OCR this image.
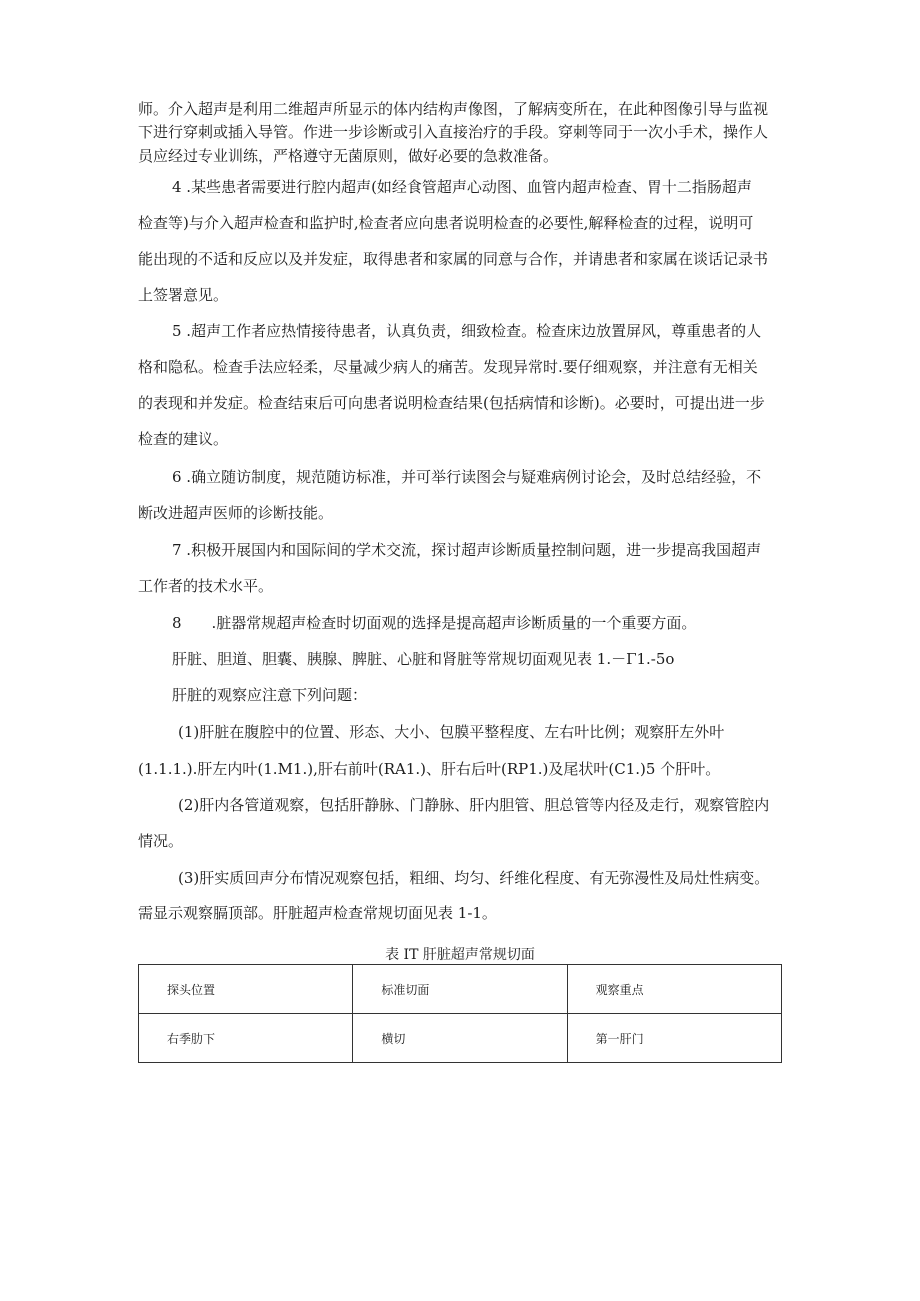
师。介入超声是利用二维超声所显示的体内结构声像图，了解病变所在，在此种图像引导与监视
下进行穿刺或插入导管。作进一步诊断或引入直接治疗的手段。穿刺等同于一次小手术，操作人
员应经过专业训练，严格遵守无菌原则，做好必要的急救准备。
4 .某些患者需要进行腔内超声(如经食管超声心动图、血管内超声检查、胃十二指肠超声
检查等)与介入超声检查和监护时,检查者应向患者说明检查的必要性,解释检查的过程，说明可
能出现的不适和反应以及并发症，取得患者和家属的同意与合作，并请患者和家属在谈话记录书
上签署意见。
5 .超声工作者应热情接待患者，认真负责，细致检查。检查床边放置屏风，尊重患者的人
格和隐私。检查手法应轻柔，尽量减少病人的痛苦。发现异常时.要仔细观察，并注意有无相关
的表现和并发症。检查结束后可向患者说明检查结果(包括病情和诊断)。必要时，可提出进一步
检查的建议。
6 .确立随访制度，规范随访标准，并可举行读图会与疑难病例讨论会，及时总结经验，不
断改进超声医师的诊断技能。
7 .积极开展国内和国际间的学术交流，探讨超声诊断质量控制问题，进一步提高我国超声
工作者的技术水平。
8　　.脏器常规超声检查时切面观的选择是提高超声诊断质量的一个重要方面。
肝脏、胆道、胆囊、胰腺、脾脏、心脏和肾脏等常规切面观见表 1.－Γ1.-5o
肝脏的观察应注意下列问题：
(1)肝脏在腹腔中的位置、形态、大小、包膜平整程度、左右叶比例；观察肝左外叶
(1.1.1.).肝左内叶(1.M1.),肝右前叶(RA1.)、肝右后叶(RP1.)及尾状叶(C1.)5 个肝叶。
(2)肝内各管道观察，包括肝静脉、门静脉、肝内胆管、胆总管等内径及走行，观察管腔内
情况。
(3)肝实质回声分布情况观察包括，粗细、均匀、纤维化程度、有无弥漫性及局灶性病变。
需显示观察膈顶部。肝脏超声检查常规切面见表 1-1。
表 IT 肝脏超声常规切面
探头位置	标准切面	观察重点
右季肋下	横切	第一肝门
